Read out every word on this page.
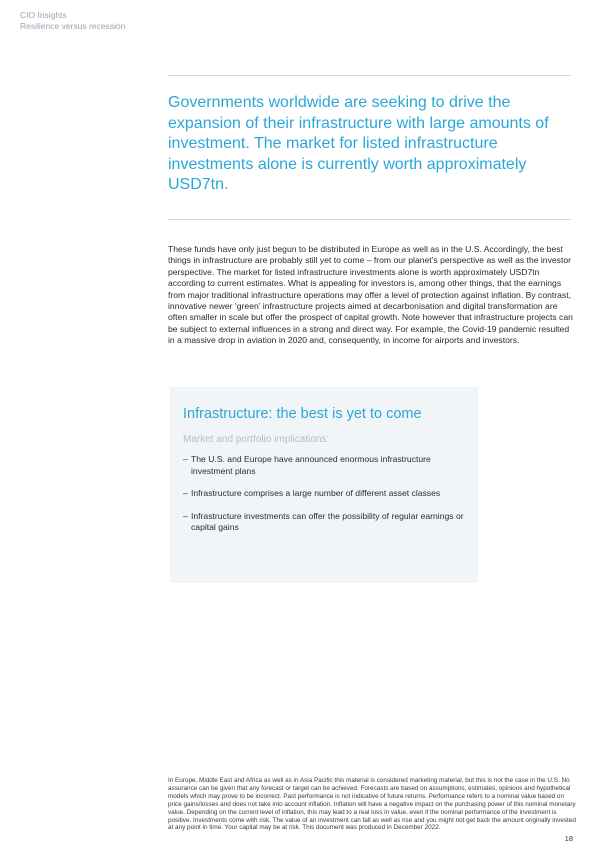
CIO Insights
Resilience versus recession

Governments worldwide are seeking to drive the expansion of their infrastructure with large amounts of investment. The market for listed infrastructure investments alone is currently worth approximately USD7tn.

These funds have only just begun to be distributed in Europe as well as in the U.S. Accordingly, the best things in infrastructure are probably still yet to come – from our planet’s perspective as well as the investor perspective. The market for listed infrastructure investments alone is worth approximately USD7tn according to current estimates. What is appealing for investors is, among other things, that the earnings from major traditional infrastructure operations may offer a level of protection against inflation. By contrast, innovative newer ‘green’ infrastructure projects aimed at decarbonisation and digital transformation are often smaller in scale but offer the prospect of capital growth. Note however that infrastructure projects can be subject to external influences in a strong and direct way. For example, the Covid-19 pandemic resulted in a massive drop in aviation in 2020 and, consequently, in income for airports and investors.

Infrastructure: the best is yet to come
Market and portfolio implications:
– The U.S. and Europe have announced enormous infrastructure investment plans
– Infrastructure comprises a large number of different asset classes
– Infrastructure investments can offer the possibility of regular earnings or capital gains

In Europe, Middle East and Africa as well as in Asia Pacific this material is considered marketing material, but this is not the case in the U.S. No assurance can be given that any forecast or target can be achieved. Forecasts are based on assumptions, estimates, opinions and hypothetical models which may prove to be incorrect. Past performance is not indicative of future returns. Performance refers to a nominal value based on price gains/losses and does not take into account inflation. Inflation will have a negative impact on the purchasing power of this nominal monetary value. Depending on the current level of inflation, this may lead to a real loss in value, even if the nominal performance of the investment is positive. Investments come with risk. The value of an investment can fall as well as rise and you might not get back the amount originally invested at any point in time. Your capital may be at risk. This document was produced in December 2022.

18
